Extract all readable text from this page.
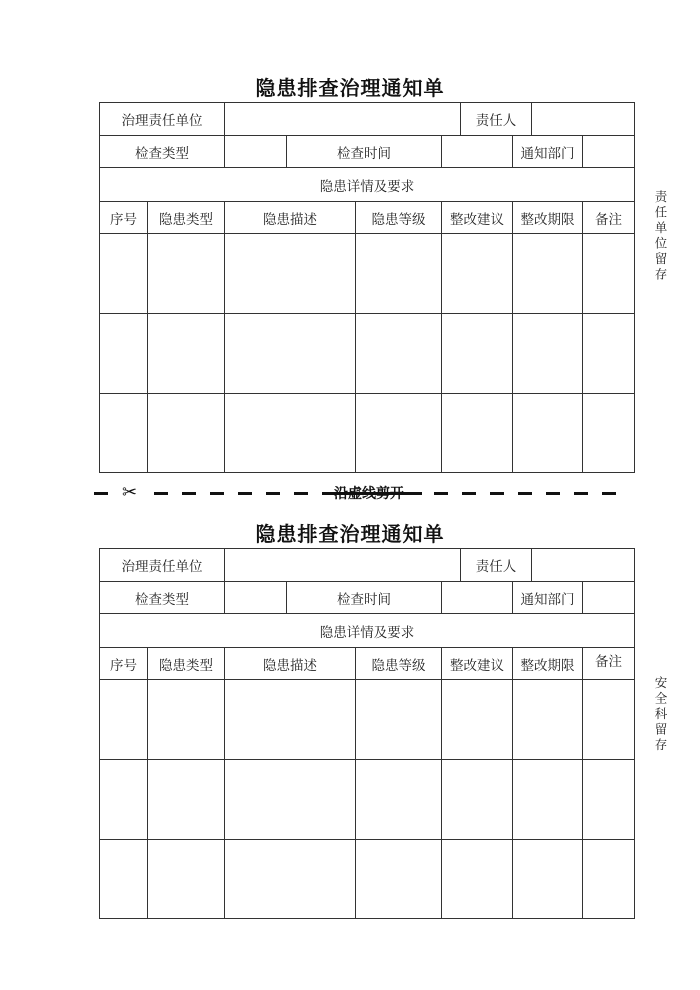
隐患排查治理通知单
治理责任单位						责任人			
检查类型			检查时间				通知部门		
隐患详情及要求									
序号	隐患类型	隐患描述		隐患等级	整改建议		整改期限		备注

						责任单位留存
✂	沿虚线剪开
隐患排查治理通知单
治理责任单位						责任人			
检查类型			检查时间				通知部门		
隐患详情及要求									
序号	隐患类型	隐患描述		隐患等级	整改建议		整改期限		备注

安全科留存
